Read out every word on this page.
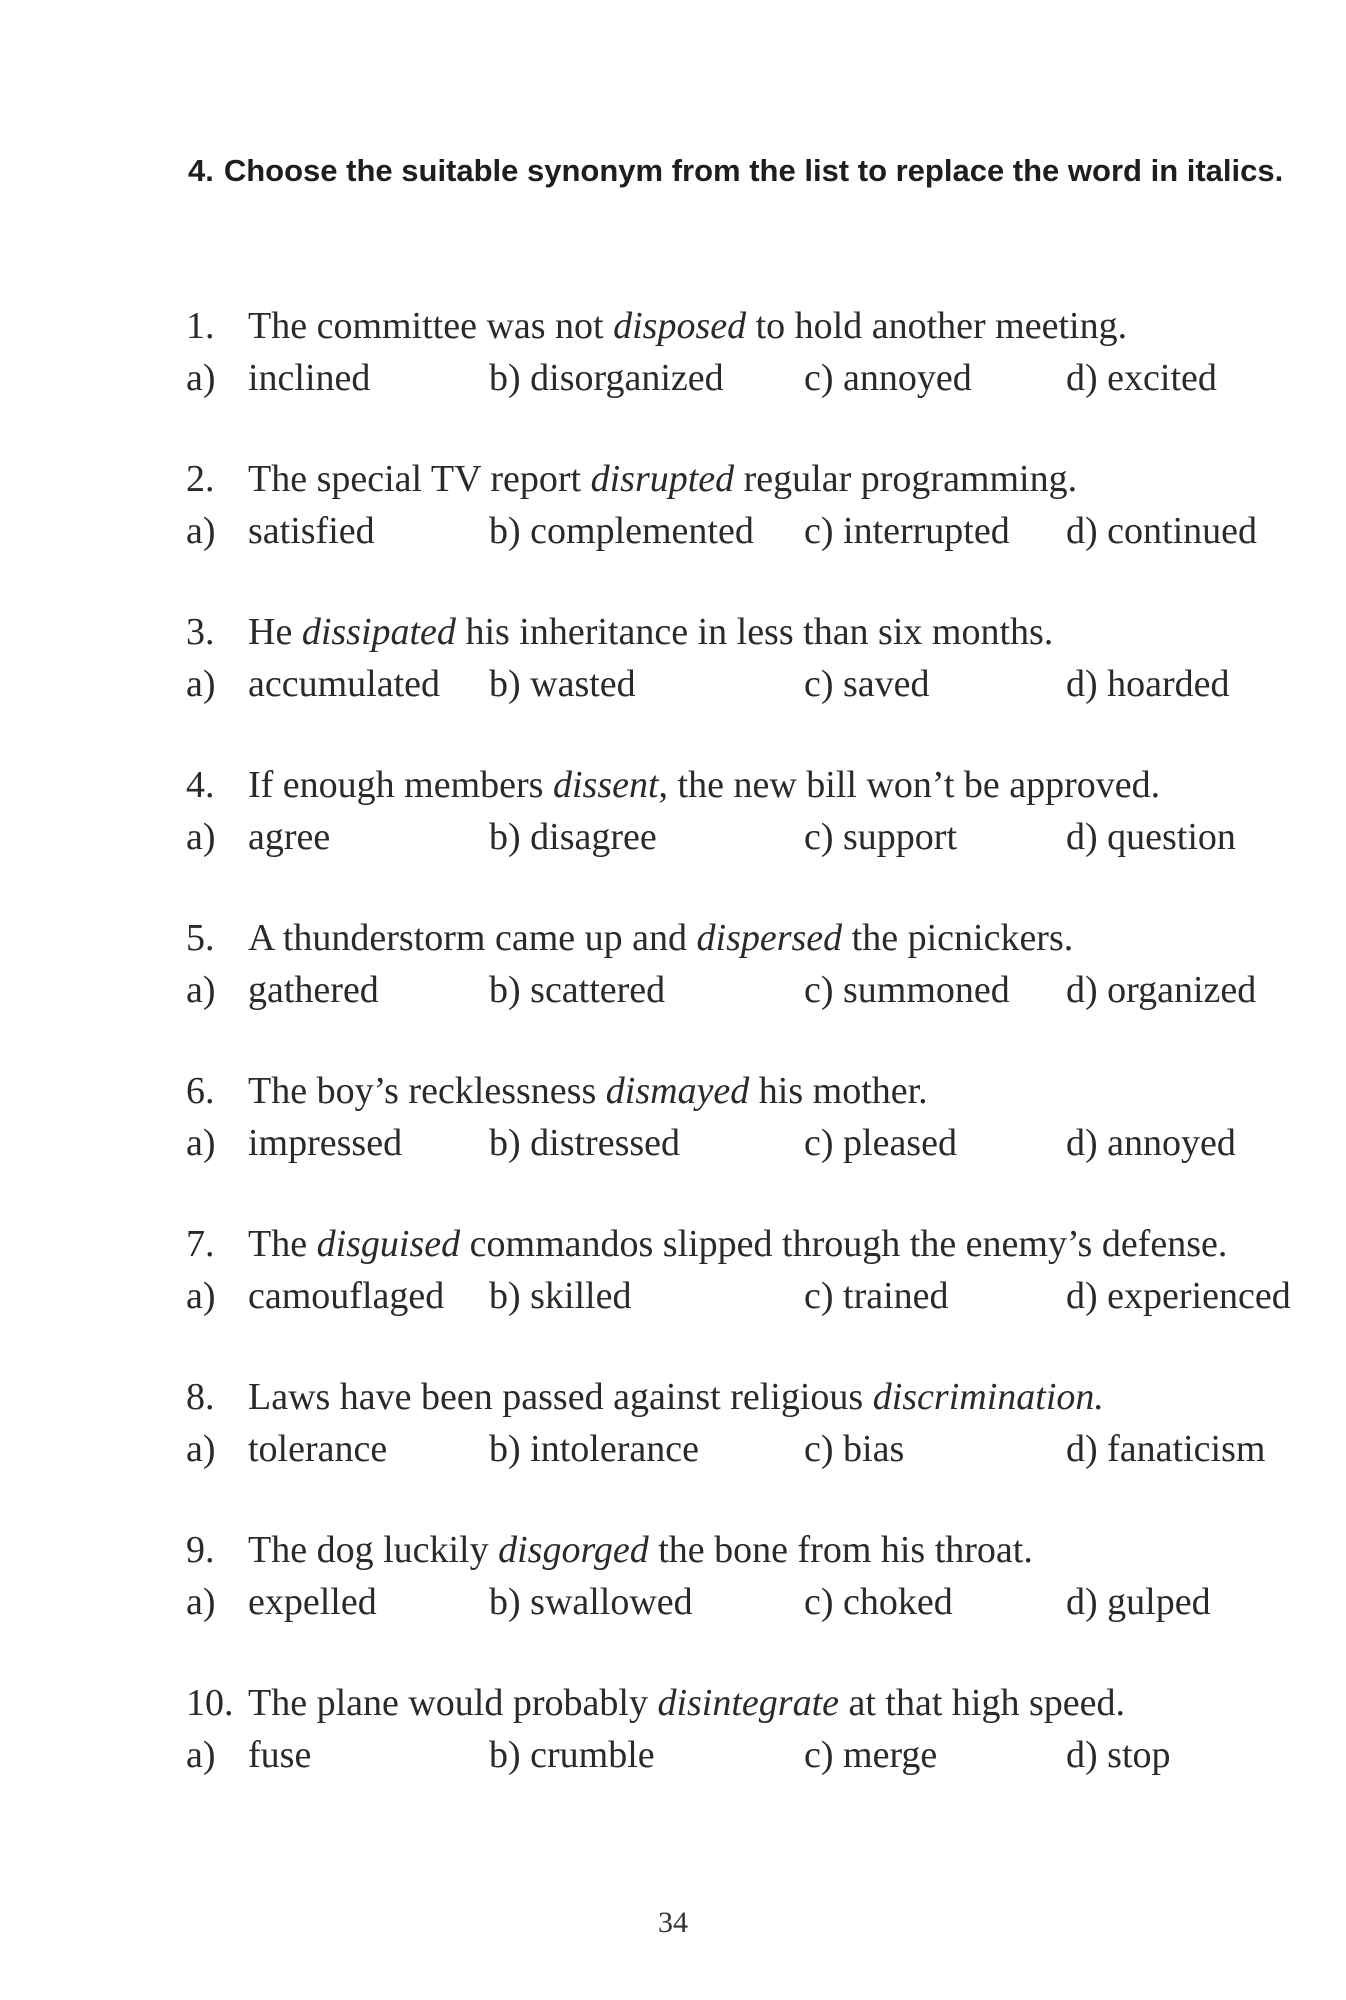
4. Choose the suitable synonym from the list to replace the word in italics.
1. The committee was not disposed to hold another meeting.
a) inclined	b) disorganized c) annoyed d) excited
2. The special TV report disrupted regular programming.
a) satisfied	b) complemented c) interrupted d) continued
3. He dissipated his inheritance in less than six months.
a) accumulated b) wasted	c) saved	d) hoarded
4. If enough members dissent, the new bill won’t be approved.
a) agree	b) disagree	c) support	d) question
5. A thunderstorm came up and dispersed the picnickers.
a) gathered	b) scattered	c) summoned d) organized
6. The boy’s recklessness dismayed his mother.
a) impressed b) distressed	c) pleased	d) annoyed
7. The disguised commandos slipped through the enemy’s defense.
a) camouflaged b) skilled	c) trained	d) experienced
8. Laws have been passed against religious discrimination.
a) tolerance	b) intolerance	c) bias	d) fanaticism
9. The dog luckily disgorged the bone from his throat.
a) expelled	b) swallowed	c) choked	d) gulped
10. The plane would probably disintegrate at that high speed.
a) fuse	b) crumble	c) merge	d) stop
34
